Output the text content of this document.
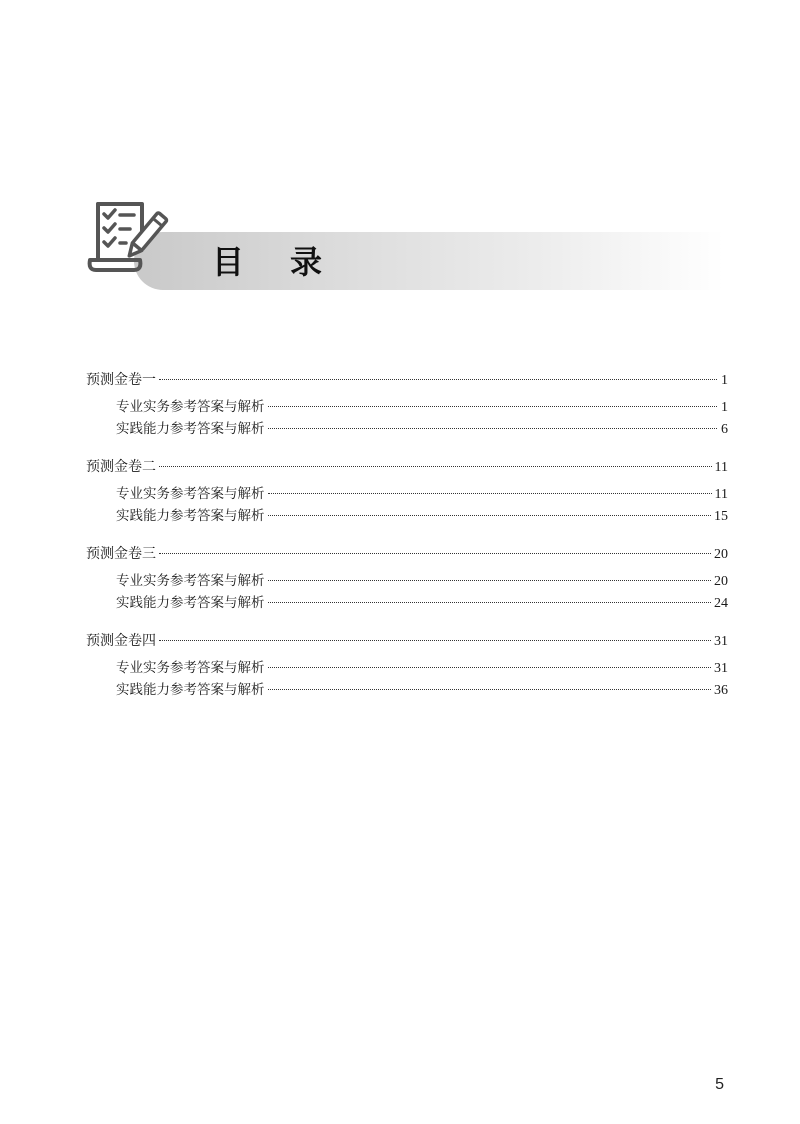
目录
预测金卷一	1
专业实务参考答案与解析	1
实践能力参考答案与解析	6
预测金卷二	11
专业实务参考答案与解析	11
实践能力参考答案与解析	15
预测金卷三	20
专业实务参考答案与解析	20
实践能力参考答案与解析	24
预测金卷四	31
专业实务参考答案与解析	31
实践能力参考答案与解析	36
5
